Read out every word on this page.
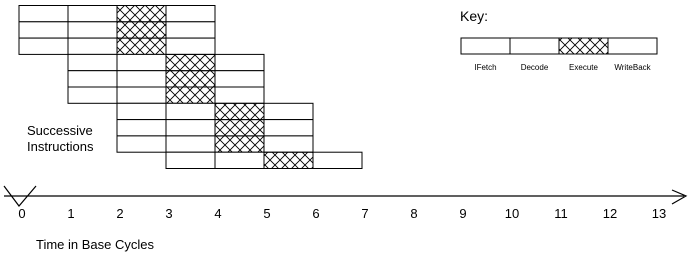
0	1	2	3	4	5	6	7	8	9	10	11	12	13
IFetch	Decode	Execute WriteBack
Key:
Successive
Instructions
Time in Base Cycles
